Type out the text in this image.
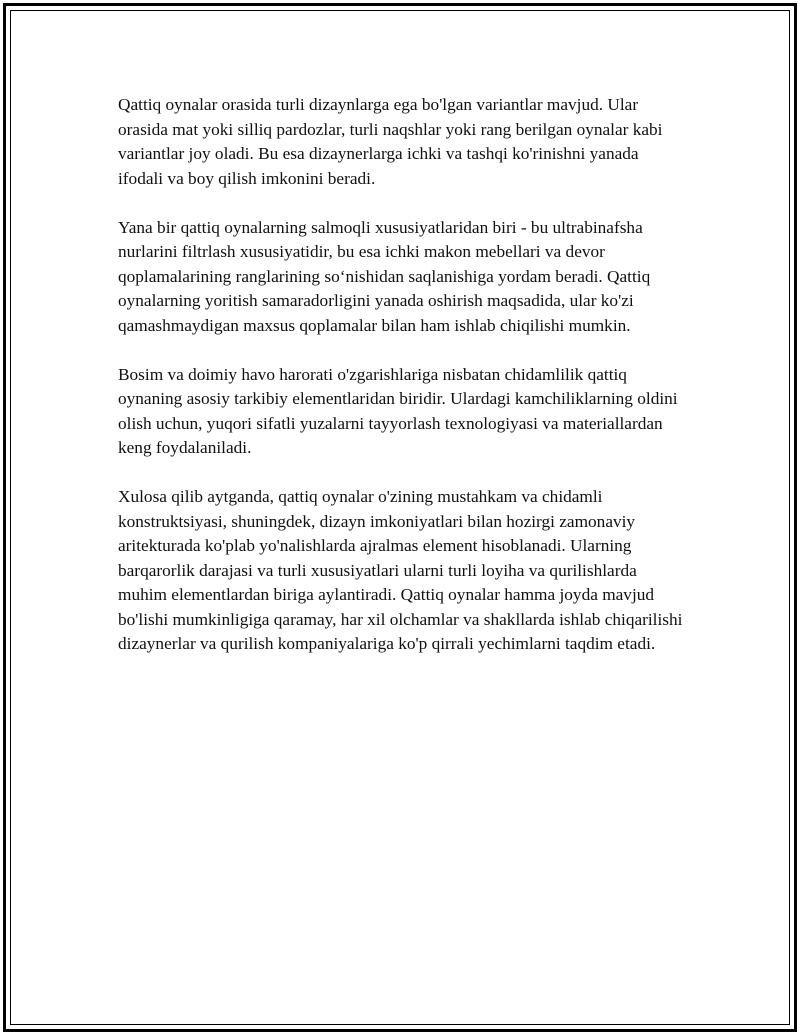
Qattiq oynalar orasida turli dizaynlarga ega bo'lgan variantlar mavjud. Ular orasida mat yoki silliq pardozlar, turli naqshlar yoki rang berilgan oynalar kabi variantlar joy oladi. Bu esa dizaynerlarga ichki va tashqi ko'rinishni yanada ifodali va boy qilish imkonini beradi.

Yana bir qattiq oynalarning salmoqli xususiyatlaridan biri - bu ultrabinafsha nurlarini filtrlash xususiyatidir, bu esa ichki makon mebellari va devor qoplamalarining ranglarining so‘nishidan saqlanishiga yordam beradi. Qattiq oynalarning yoritish samaradorligini yanada oshirish maqsadida, ular ko'zi qamashmaydigan maxsus qoplamalar bilan ham ishlab chiqilishi mumkin.

Bosim va doimiy havo harorati o'zgarishlariga nisbatan chidamlilik qattiq oynaning asosiy tarkibiy elementlaridan biridir. Ulardagi kamchiliklarning oldini olish uchun, yuqori sifatli yuzalarni tayyorlash texnologiyasi va materiallardan keng foydalaniladi.

Xulosa qilib aytganda, qattiq oynalar o'zining mustahkam va chidamli konstruktsiyasi, shuningdek, dizayn imkoniyatlari bilan hozirgi zamonaviy aritekturada ko'plab yo'nalishlarda ajralmas element hisoblanadi. Ularning barqarorlik darajasi va turli xususiyatlari ularni turli loyiha va qurilishlarda muhim elementlardan biriga aylantiradi. Qattiq oynalar hamma joyda mavjud bo'lishi mumkinligiga qaramay, har xil olchamlar va shakllarda ishlab chiqarilishi dizaynerlar va qurilish kompaniyalariga ko'p qirrali yechimlarni taqdim etadi.
